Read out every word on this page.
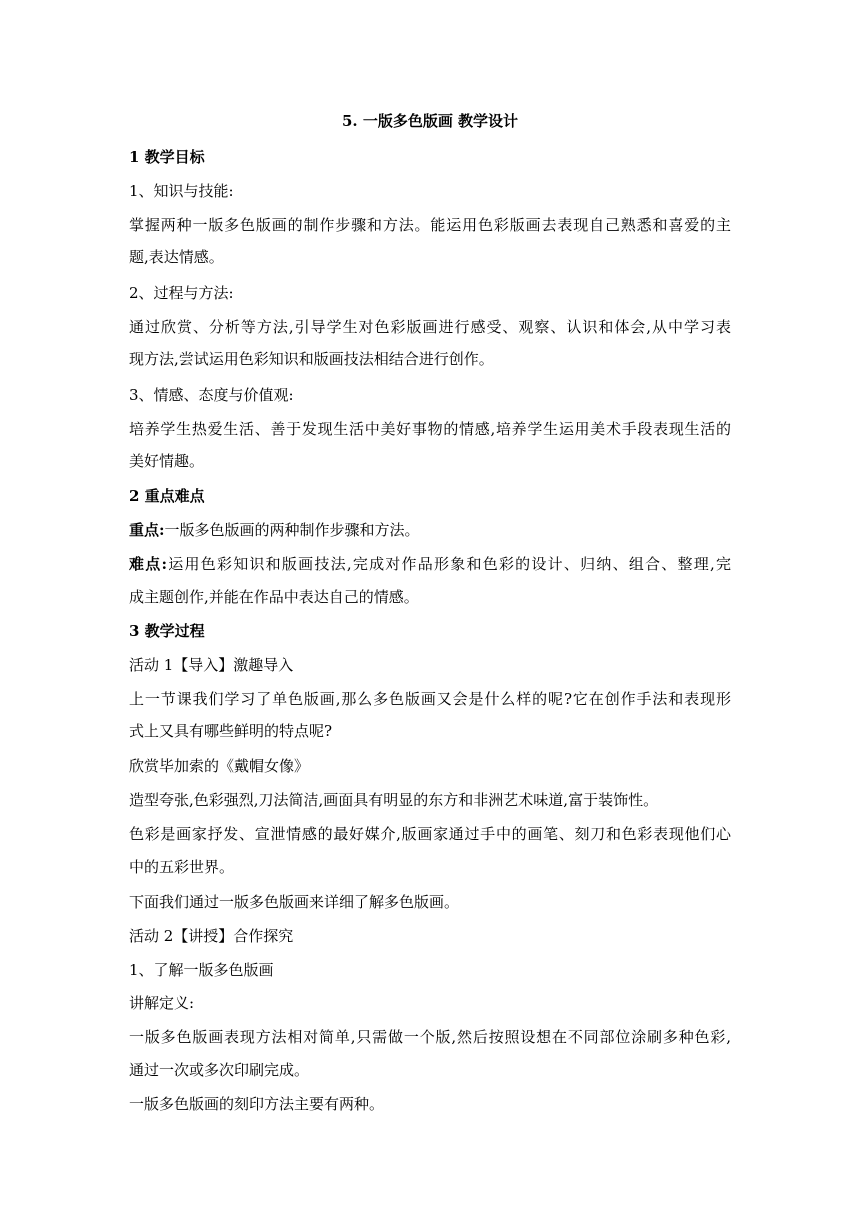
5. 一版多色版画 教学设计
1 教学目标
1、知识与技能:
掌握两种一版多色版画的制作步骤和方法。能运用色彩版画去表现自己熟悉和喜爱的主
题,表达情感。
2、过程与方法:
通过欣赏、分析等方法,引导学生对色彩版画进行感受、观察、认识和体会,从中学习表
现方法,尝试运用色彩知识和版画技法相结合进行创作。
3、情感、态度与价值观:
培养学生热爱生活、善于发现生活中美好事物的情感,培养学生运用美术手段表现生活的
美好情趣。
2 重点难点
重点:一版多色版画的两种制作步骤和方法。
难点:运用色彩知识和版画技法,完成对作品形象和色彩的设计、归纳、组合、整理,完
成主题创作,并能在作品中表达自己的情感。
3 教学过程
活动 1【导入】激趣导入
上一节课我们学习了单色版画,那么多色版画又会是什么样的呢?它在创作手法和表现形
式上又具有哪些鲜明的特点呢?
欣赏毕加索的《戴帽女像》
造型夸张,色彩强烈,刀法简洁,画面具有明显的东方和非洲艺术味道,富于装饰性。
色彩是画家抒发、宣泄情感的最好媒介,版画家通过手中的画笔、刻刀和色彩表现他们心
中的五彩世界。
下面我们通过一版多色版画来详细了解多色版画。
活动 2【讲授】合作探究
1、了解一版多色版画
讲解定义:
一版多色版画表现方法相对简单,只需做一个版,然后按照设想在不同部位涂刷多种色彩,
通过一次或多次印刷完成。
一版多色版画的刻印方法主要有两种。
